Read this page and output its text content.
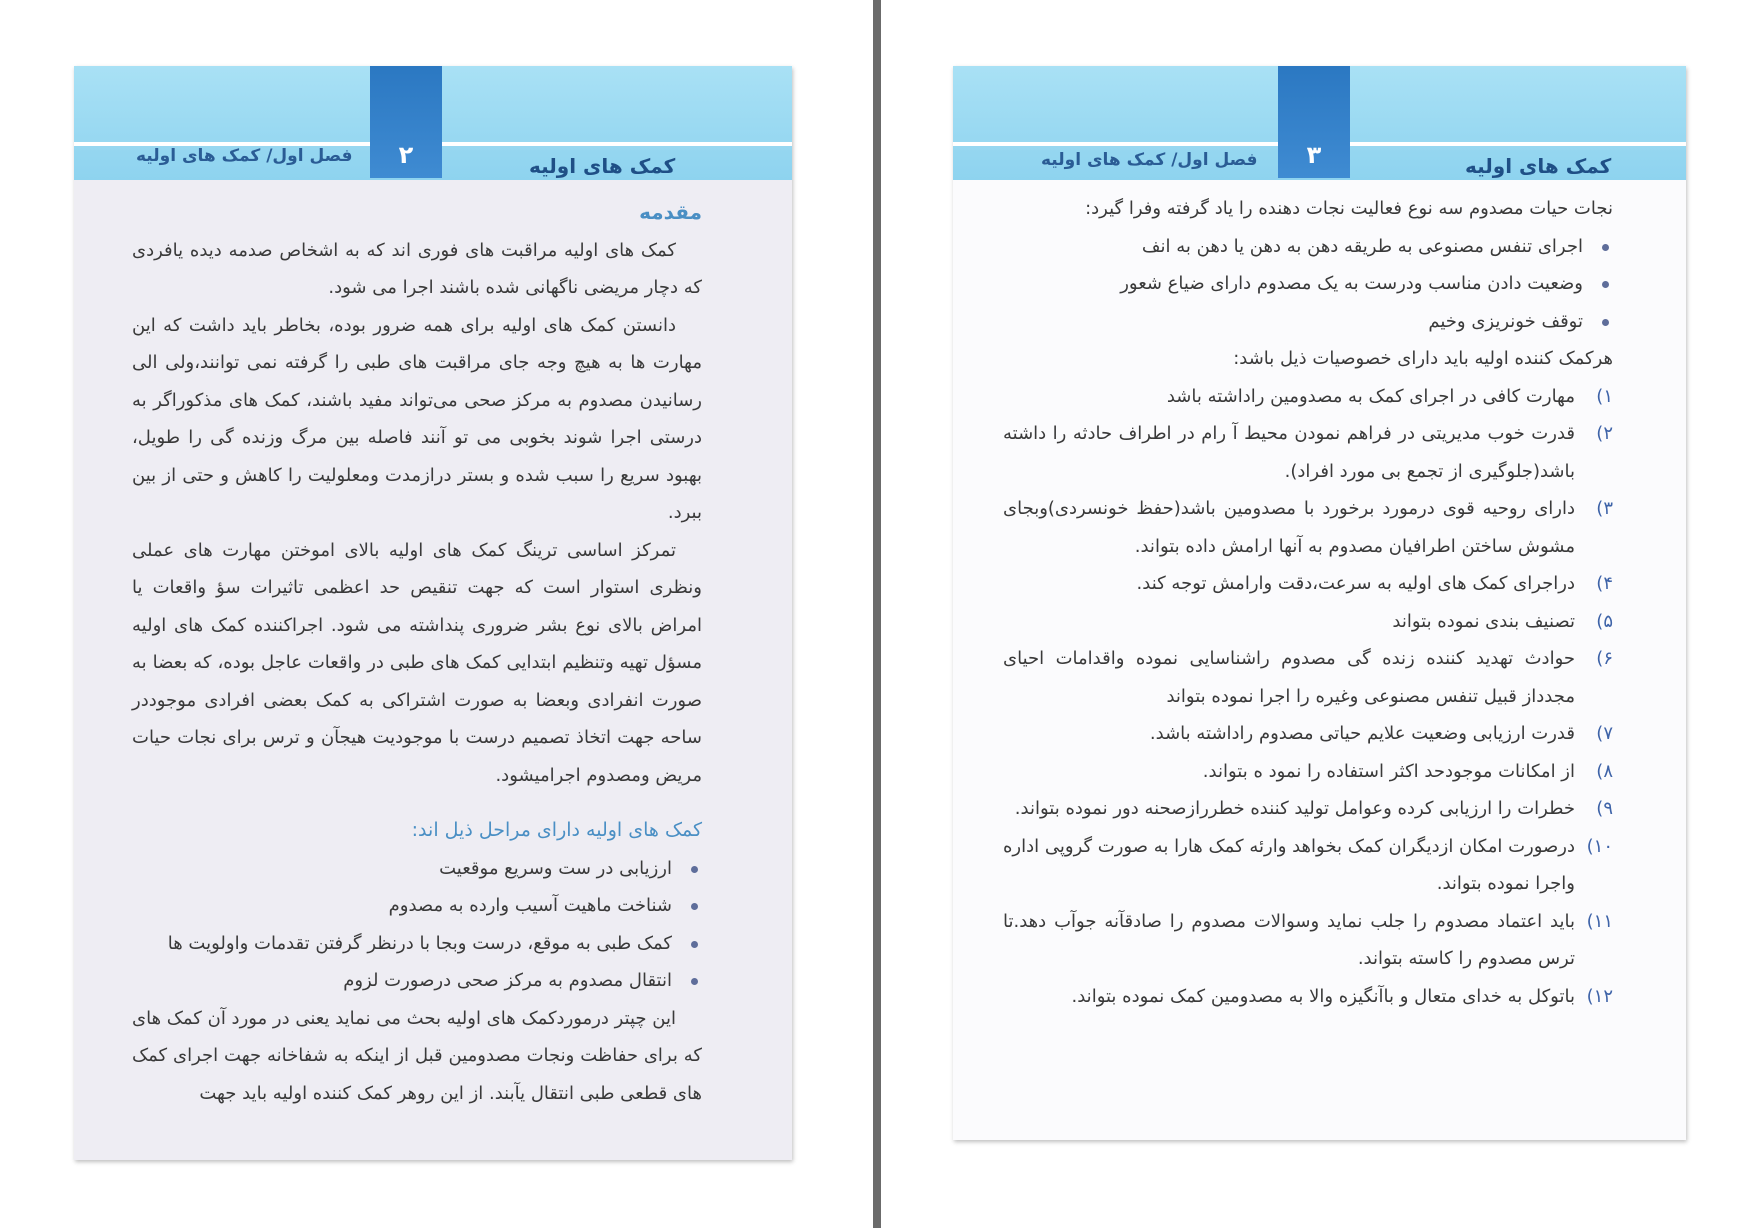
۲	کمک های اولیه
فصل اول/ کمک های اولیه

مقدمه

کمک های اولیه مراقبت های فوری اند که به اشخاص صدمه دیده یافردی که دچار مریضی ناگهانی شده باشند اجرا می شود.

دانستن کمک های اولیه برای همه ضرور بوده، بخاطر باید داشت که این مهارت ها به هیچ وجه جای مراقبت های طبی را گرفته نمی توانند،ولی الی رسانیدن مصدوم به مرکز صحی می‌تواند مفید باشند، کمک های مذکوراگر به درستی اجرا شوند بخوبی می تو آنند فاصله بین مرگ وزنده گی را طویل، بهبود سریع را سبب شده و بستر درازمدت ومعلولیت را کاهش و حتی از بین ببرد.

تمرکز اساسی ترینگ کمک های اولیه بالای اموختن مهارت های عملی ونظری استوار است که جهت تنقیص حد اعظمی تاثیرات سؤ واقعات یا امراض بالای نوع بشر ضروری پنداشته می شود. اجراکننده کمک های اولیه مسؤل تهیه وتنظیم ابتدایی کمک های طبی در واقعات عاجل بوده، که بعضا به صورت انفرادی وبعضا به صورت اشتراکی به کمک بعضی افرادی موجوددر ساحه جهت اتخاذ تصمیم درست با موجودیت هیجآن و ترس برای نجات حیات مریض ومصدوم اجرامیشود.

کمک های اولیه دارای مراحل ذیل اند:

ارزیابی در ست وسریع موقعیت
شناخت ماهیت آسیب وارده به مصدوم
کمک طبی به موقع، درست وبجا با درنظر گرفتن تقدمات واولویت ها
انتقال مصدوم به مرکز صحی درصورت لزوم

این چپتر درموردکمک های اولیه بحث می نماید یعنی در مورد آن کمک های که برای حفاظت ونجات مصدومین قبل از اینکه به شفاخانه جهت اجرای کمک های قطعی طبی انتقال یآبند. از این روهر کمک کننده اولیه باید جهت

۳	کمک های اولیه
فصل اول/ کمک های اولیه

نجات حیات مصدوم سه نوع فعالیت نجات دهنده را یاد گرفته وفرا گیرد:

اجرای تنفس مصنوعی به طریقه دهن به دهن یا دهن به انف
وضعیت دادن مناسب ودرست به یک مصدوم دارای ضیاع شعور
توقف خونریزی وخیم

هرکمک کننده اولیه باید دارای خصوصیات ذیل باشد:

۱)
مهارت کافی در اجرای کمک به مصدومین راداشته باشد
۲)
قدرت خوب مدیریتی در فراهم نمودن محیط آ رام در اطراف حادثه را داشته باشد(جلوگیری از تجمع بی مورد افراد).
۳)
دارای روحیه قوی درمورد برخورد با مصدومین باشد(حفظ خونسردی)وبجای مشوش ساختن اطرافیان مصدوم به آنها ارامش داده بتواند.
۴)
دراجرای کمک های اولیه به سرعت،دقت وارامش توجه کند.
۵)
تصنیف بندی نموده بتواند
۶)
حوادث تهدید کننده زنده گی مصدوم راشناسایی نموده واقدامات احیای مجدداز قبیل تنفس مصنوعی وغیره را اجرا نموده بتواند
۷)
قدرت ارزیابی وضعیت علایم حیاتی مصدوم راداشته باشد.
۸)
از امکانات موجودحد اکثر استفاده را نمود ه بتواند.
۹)
خطرات را ارزیابی کرده وعوامل تولید کننده خطررازصحنه دور نموده بتواند.
۱۰)
درصورت امکان ازدیگران کمک بخواهد وارئه کمک هارا به صورت گروپی اداره واجرا نموده بتواند.
۱۱)
باید اعتماد مصدوم را جلب نماید وسوالات مصدوم را صادقآنه جوآب دهد.تا ترس مصدوم را کاسته بتواند.
۱۲)
باتوکل به خدای متعال و باآنگیزه والا به مصدومین کمک نموده بتواند.
